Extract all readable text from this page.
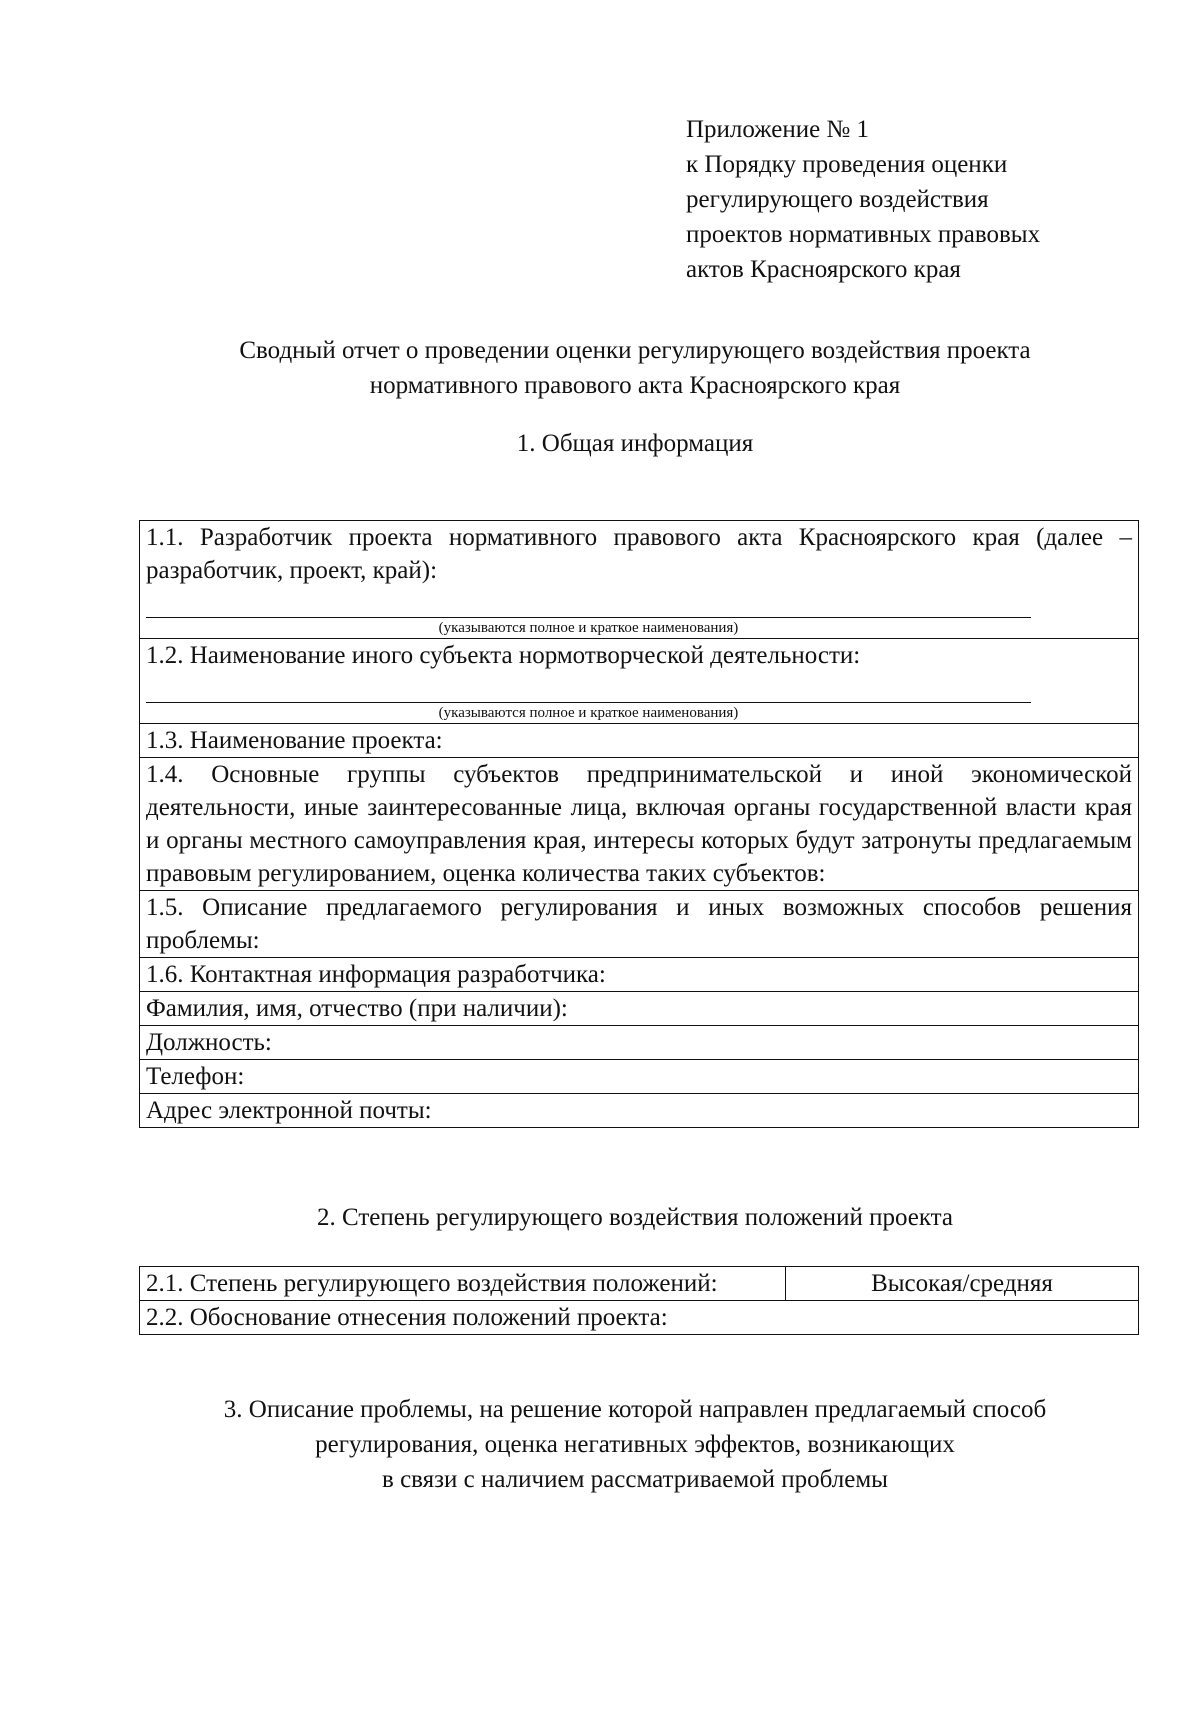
Приложение № 1
к Порядку проведения оценки
регулирующего воздействия
проектов нормативных правовых
актов Красноярского края
Сводный отчет о проведении оценки регулирующего воздействия проекта
нормативного правового акта Красноярского края
1. Общая информация
1.1. Разработчик проекта нормативного правового акта Красноярского края (далее – разработчик, проект, край):
(указываются полное и краткое наименования)

1.2. Наименование иного субъекта нормотворческой деятельности:
(указываются полное и краткое наименования)

1.3. Наименование проекта:
1.4. Основные группы субъектов предпринимательской и иной экономической деятельности, иные заинтересованные лица, включая органы государственной власти края и органы местного самоуправления края, интересы которых будут затронуты предлагаемым правовым регулированием, оценка количества таких субъектов:
1.5. Описание предлагаемого регулирования и иных возможных способов решения проблемы:
1.6. Контактная информация разработчика:
Фамилия, имя, отчество (при наличии):
Должность:
Телефон:
Адрес электронной почты:
2. Степень регулирующего воздействия положений проекта
2.1. Степень регулирующего воздействия положений:	Высокая/средняя
2.2. Обоснование отнесения положений проекта:
3. Описание проблемы, на решение которой направлен предлагаемый способ
регулирования, оценка негативных эффектов, возникающих
в связи с наличием рассматриваемой проблемы
